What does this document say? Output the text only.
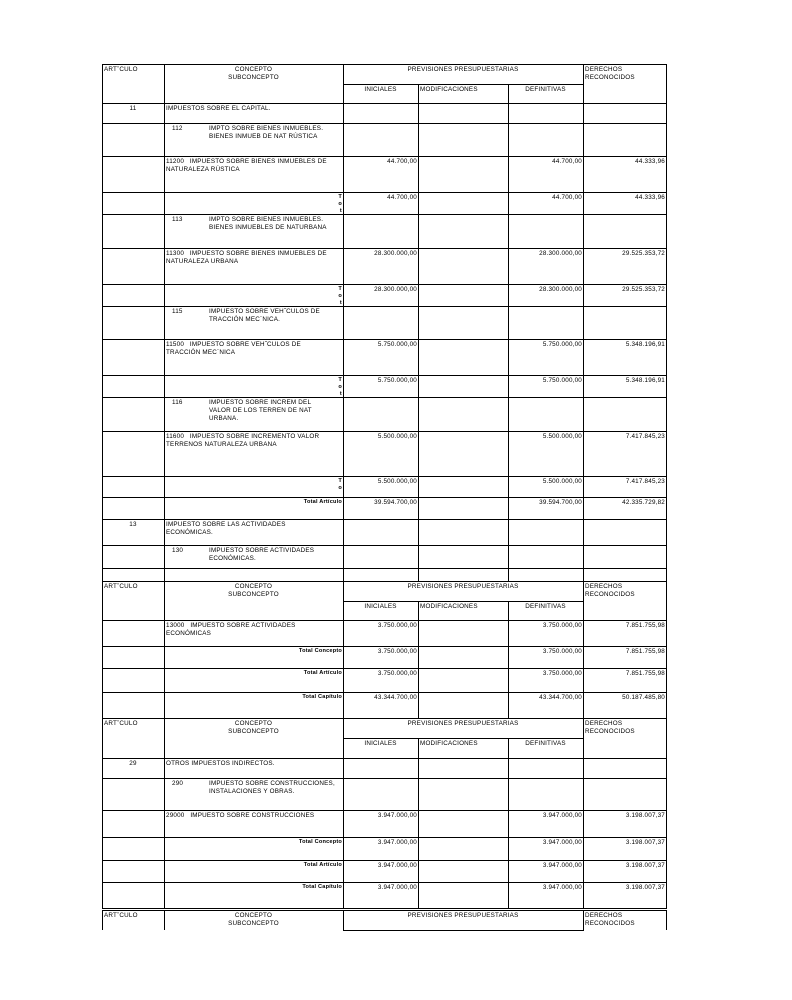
ART˚CULO	CONCEPTO
SUBCONCEPTO
PREVISIONES PRESUPUESTARIAS	DERECHOS
RECONOCIDOS
INICIALES	MODIFICACIONES	DEFINITIVAS
ART˚CULO	CONCEPTO
SUBCONCEPTO
PREVISIONES PRESUPUESTARIAS	DERECHOS
RECONOCIDOS
INICIALES	MODIFICACIONES	DEFINITIVAS
ART˚CULO	CONCEPTO
SUBCONCEPTO
PREVISIONES PRESUPUESTARIAS	DERECHOS
RECONOCIDOS
INICIALES	MODIFICACIONES	DEFINITIVAS
ART˚CULO	CONCEPTO
SUBCONCEPTO
PREVISIONES PRESUPUESTARIAS	DERECHOS
RECONOCIDOS
11	IMPUESTOS SOBRE EL CAPITAL.
112	IMPTO SOBRE BIENES INMUEBLES.
BIENES INMUEB DE NAT RÚSTICA
11200   IMPUESTO SOBRE BIENES INMUEBLES DE
NATURALEZA RÚSTICA
44.700,00	44.700,00	44.333,96
T
o
t
44.700,00	44.700,00	44.333,96
113	IMPTO SOBRE BIENES INMUEBLES.
BIENES INMUEBLES DE NATURBANA
11300   IMPUESTO SOBRE BIENES INMUEBLES DE
NATURALEZA URBANA
28.300.000,00	28.300.000,00	29.525.353,72
T
o
t
28.300.000,00	28.300.000,00	29.525.353,72
115	IMPUESTO SOBRE VEH˝CULOS DE
TRACCIÓN MEC`NICA.
11500   IMPUESTO SOBRE VEH˝CULOS DE
TRACCIÓN MEC`NICA
5.750.000,00	5.750.000,00	5.348.196,91
T
o
t
5.750.000,00	5.750.000,00	5.348.196,91
116	IMPUESTO SOBRE INCREM DEL
VALOR DE LOS TERREN DE NAT
URBANA.
11600   IMPUESTO SOBRE INCREMENTO VALOR
TERRENOS NATURALEZA URBANA
5.500.000,00	5.500.000,00	7.417.845,23
T
o
5.500.000,00	5.500.000,00	7.417.845,23
Total Artículo	39.594.700,00	39.594.700,00	42.335.729,82
13	IMPUESTO SOBRE LAS ACTIVIDADES
ECONÓMICAS.
130	IMPUESTO SOBRE ACTIVIDADES
ECONÓMICAS.
13000   IMPUESTO SOBRE ACTIVIDADES
ECONÓMICAS
3.750.000,00	3.750.000,00	7.851.755,98
Total Concepto	3.750.000,00	3.750.000,00	7.851.755,98
Total Artículo	3.750.000,00	3.750.000,00	7.851.755,98
Total Capítulo	43.344.700,00	43.344.700,00	50.187.485,80
29	OTROS IMPUESTOS INDIRECTOS.
290	IMPUESTO SOBRE CONSTRUCCIONES,
INSTALACIONES Y OBRAS.
29000   IMPUESTO SOBRE CONSTRUCCIONES	3.947.000,00	3.947.000,00	3.198.007,37
Total Concepto	3.947.000,00	3.947.000,00	3.198.007,37
Total Artículo	3.947.000,00	3.947.000,00	3.198.007,37
Total Capítulo	3.947.000,00	3.947.000,00	3.198.007,37
